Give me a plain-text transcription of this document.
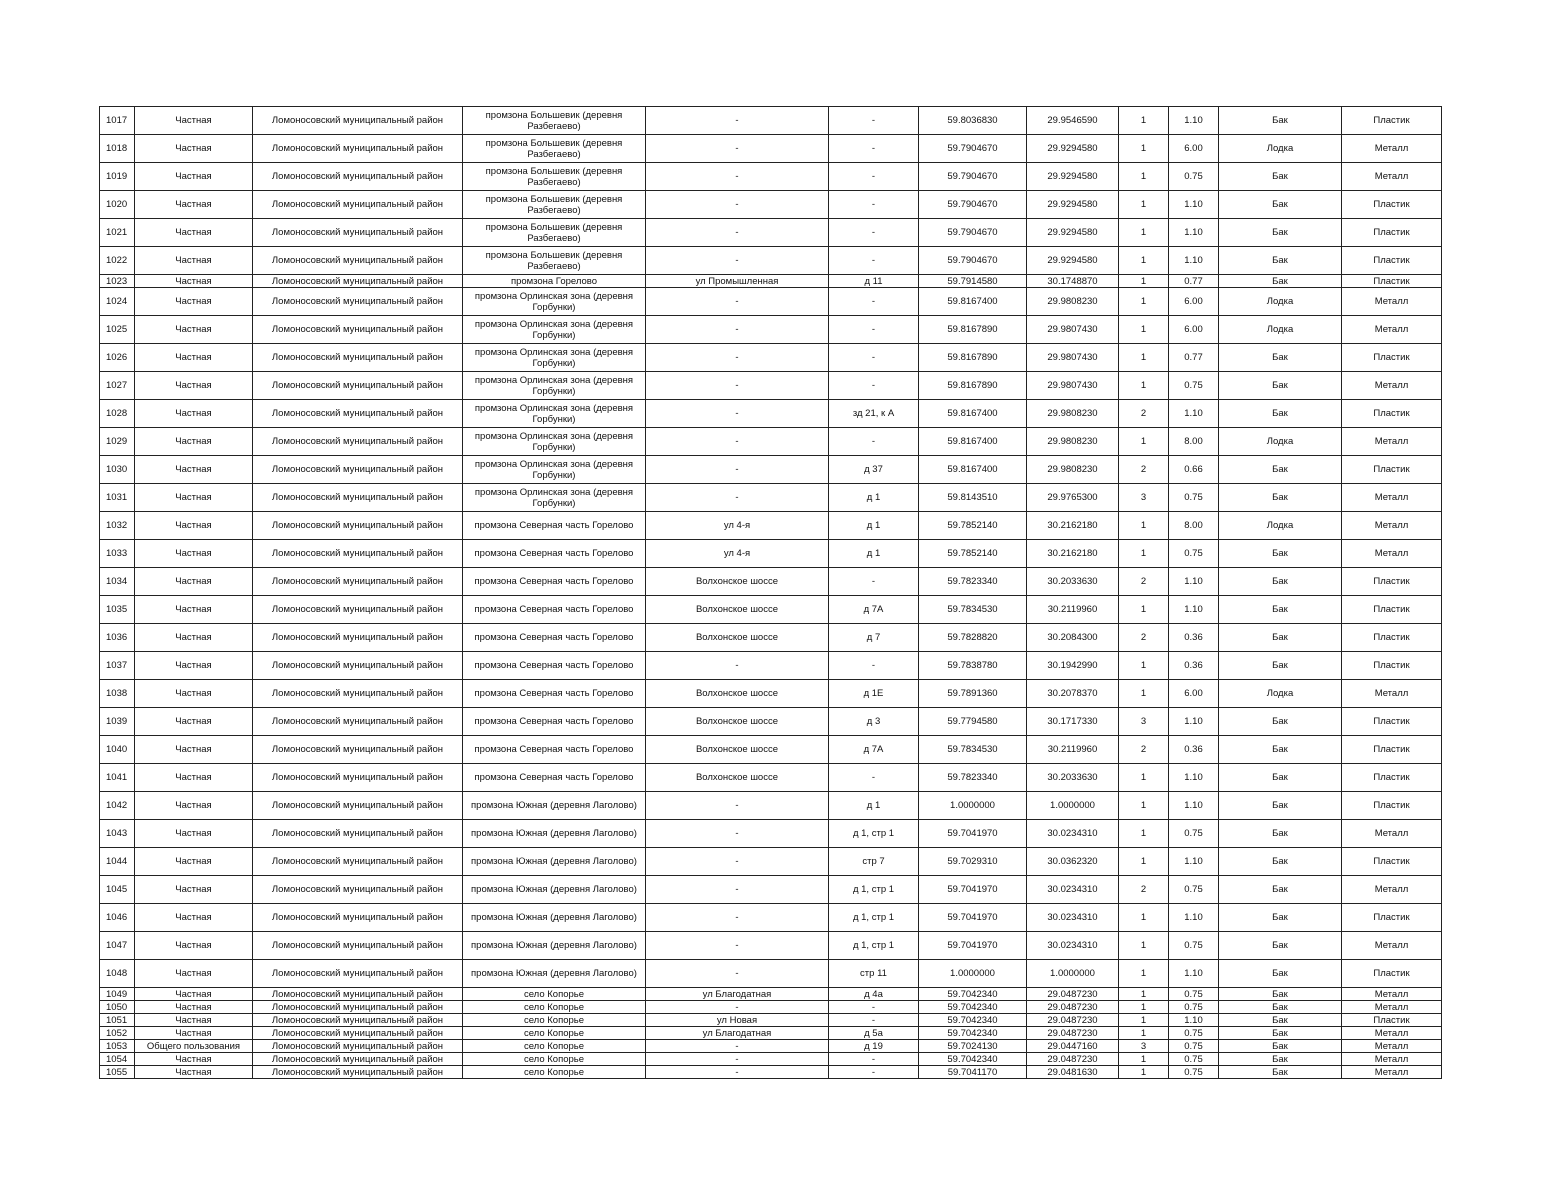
1017	Частная	Ломоносовский муниципальный район	промзона Большевик (деревня Разбегаево)	-	-	59.8036830	29.9546590	1	1.10	Бак	Пластик
1018	Частная	Ломоносовский муниципальный район	промзона Большевик (деревня Разбегаево)	-	-	59.7904670	29.9294580	1	6.00	Лодка	Металл
1019	Частная	Ломоносовский муниципальный район	промзона Большевик (деревня Разбегаево)	-	-	59.7904670	29.9294580	1	0.75	Бак	Металл
1020	Частная	Ломоносовский муниципальный район	промзона Большевик (деревня Разбегаево)	-	-	59.7904670	29.9294580	1	1.10	Бак	Пластик
1021	Частная	Ломоносовский муниципальный район	промзона Большевик (деревня Разбегаево)	-	-	59.7904670	29.9294580	1	1.10	Бак	Пластик
1022	Частная	Ломоносовский муниципальный район	промзона Большевик (деревня Разбегаево)	-	-	59.7904670	29.9294580	1	1.10	Бак	Пластик
1023	Частная	Ломоносовский муниципальный район	промзона Горелово	ул Промышленная	д 11	59.7914580	30.1748870	1	0.77	Бак	Пластик
1024	Частная	Ломоносовский муниципальный район	промзона Орлинская зона (деревня Горбунки)	-	-	59.8167400	29.9808230	1	6.00	Лодка	Металл
1025	Частная	Ломоносовский муниципальный район	промзона Орлинская зона (деревня Горбунки)	-	-	59.8167890	29.9807430	1	6.00	Лодка	Металл
1026	Частная	Ломоносовский муниципальный район	промзона Орлинская зона (деревня Горбунки)	-	-	59.8167890	29.9807430	1	0.77	Бак	Пластик
1027	Частная	Ломоносовский муниципальный район	промзона Орлинская зона (деревня Горбунки)	-	-	59.8167890	29.9807430	1	0.75	Бак	Металл
1028	Частная	Ломоносовский муниципальный район	промзона Орлинская зона (деревня Горбунки)	-	зд 21, к А	59.8167400	29.9808230	2	1.10	Бак	Пластик
1029	Частная	Ломоносовский муниципальный район	промзона Орлинская зона (деревня Горбунки)	-	-	59.8167400	29.9808230	1	8.00	Лодка	Металл
1030	Частная	Ломоносовский муниципальный район	промзона Орлинская зона (деревня Горбунки)	-	д 37	59.8167400	29.9808230	2	0.66	Бак	Пластик
1031	Частная	Ломоносовский муниципальный район	промзона Орлинская зона (деревня Горбунки)	-	д 1	59.8143510	29.9765300	3	0.75	Бак	Металл
1032	Частная	Ломоносовский муниципальный район	промзона Северная часть Горелово	ул 4-я	д 1	59.7852140	30.2162180	1	8.00	Лодка	Металл
1033	Частная	Ломоносовский муниципальный район	промзона Северная часть Горелово	ул 4-я	д 1	59.7852140	30.2162180	1	0.75	Бак	Металл
1034	Частная	Ломоносовский муниципальный район	промзона Северная часть Горелово	Волхонское шоссе	-	59.7823340	30.2033630	2	1.10	Бак	Пластик
1035	Частная	Ломоносовский муниципальный район	промзона Северная часть Горелово	Волхонское шоссе	д 7А	59.7834530	30.2119960	1	1.10	Бак	Пластик
1036	Частная	Ломоносовский муниципальный район	промзона Северная часть Горелово	Волхонское шоссе	д 7	59.7828820	30.2084300	2	0.36	Бак	Пластик
1037	Частная	Ломоносовский муниципальный район	промзона Северная часть Горелово	-	-	59.7838780	30.1942990	1	0.36	Бак	Пластик
1038	Частная	Ломоносовский муниципальный район	промзона Северная часть Горелово	Волхонское шоссе	д 1Е	59.7891360	30.2078370	1	6.00	Лодка	Металл
1039	Частная	Ломоносовский муниципальный район	промзона Северная часть Горелово	Волхонское шоссе	д 3	59.7794580	30.1717330	3	1.10	Бак	Пластик
1040	Частная	Ломоносовский муниципальный район	промзона Северная часть Горелово	Волхонское шоссе	д 7А	59.7834530	30.2119960	2	0.36	Бак	Пластик
1041	Частная	Ломоносовский муниципальный район	промзона Северная часть Горелово	Волхонское шоссе	-	59.7823340	30.2033630	1	1.10	Бак	Пластик
1042	Частная	Ломоносовский муниципальный район	промзона Южная (деревня Лаголово)	-	д 1	1.0000000	1.0000000	1	1.10	Бак	Пластик
1043	Частная	Ломоносовский муниципальный район	промзона Южная (деревня Лаголово)	-	д 1, стр 1	59.7041970	30.0234310	1	0.75	Бак	Металл
1044	Частная	Ломоносовский муниципальный район	промзона Южная (деревня Лаголово)	-	стр 7	59.7029310	30.0362320	1	1.10	Бак	Пластик
1045	Частная	Ломоносовский муниципальный район	промзона Южная (деревня Лаголово)	-	д 1, стр 1	59.7041970	30.0234310	2	0.75	Бак	Металл
1046	Частная	Ломоносовский муниципальный район	промзона Южная (деревня Лаголово)	-	д 1, стр 1	59.7041970	30.0234310	1	1.10	Бак	Пластик
1047	Частная	Ломоносовский муниципальный район	промзона Южная (деревня Лаголово)	-	д 1, стр 1	59.7041970	30.0234310	1	0.75	Бак	Металл
1048	Частная	Ломоносовский муниципальный район	промзона Южная (деревня Лаголово)	-	стр 11	1.0000000	1.0000000	1	1.10	Бак	Пластик
1049	Частная	Ломоносовский муниципальный район	село Копорье	ул Благодатная	д 4а	59.7042340	29.0487230	1	0.75	Бак	Металл
1050	Частная	Ломоносовский муниципальный район	село Копорье	-	-	59.7042340	29.0487230	1	0.75	Бак	Металл
1051	Частная	Ломоносовский муниципальный район	село Копорье	ул Новая	-	59.7042340	29.0487230	1	1.10	Бак	Пластик
1052	Частная	Ломоносовский муниципальный район	село Копорье	ул Благодатная	д 5а	59.7042340	29.0487230	1	0.75	Бак	Металл
1053	Общего пользования	Ломоносовский муниципальный район	село Копорье	-	д 19	59.7024130	29.0447160	3	0.75	Бак	Металл
1054	Частная	Ломоносовский муниципальный район	село Копорье	-	-	59.7042340	29.0487230	1	0.75	Бак	Металл
1055	Частная	Ломоносовский муниципальный район	село Копорье	-	-	59.7041170	29.0481630	1	0.75	Бак	Металл
